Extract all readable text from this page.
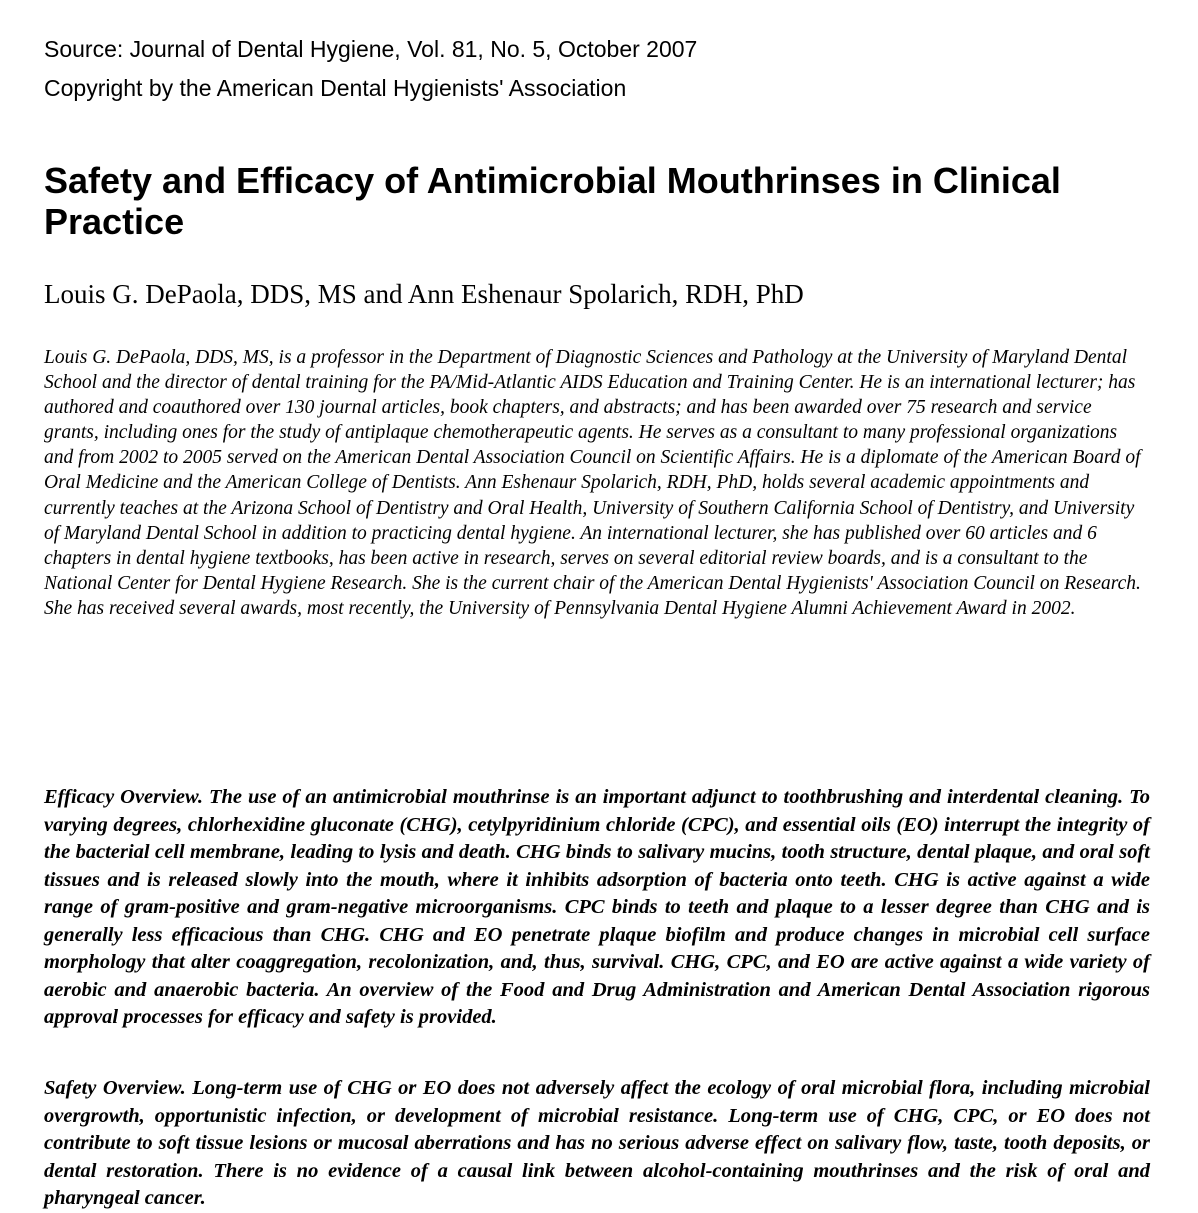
Source: Journal of Dental Hygiene, Vol. 81, No. 5, October 2007

Copyright by the American Dental Hygienists' Association

Safety and Efficacy of Antimicrobial Mouthrinses in Clinical Practice

Louis G. DePaola, DDS, MS and Ann Eshenaur Spolarich, RDH, PhD

Louis G. DePaola, DDS, MS, is a professor in the Department of Diagnostic Sciences and Pathology at the University of Maryland Dental School and the director of dental training for the PA/Mid-Atlantic AIDS Education and Training Center. He is an international lecturer; has authored and coauthored over 130 journal articles, book chapters, and abstracts; and has been awarded over 75 research and service grants, including ones for the study of antiplaque chemotherapeutic agents. He serves as a consultant to many professional organizations and from 2002 to 2005 served on the American Dental Association Council on Scientific Affairs. He is a diplomate of the American Board of Oral Medicine and the American College of Dentists. Ann Eshenaur Spolarich, RDH, PhD, holds several academic appointments and currently teaches at the Arizona School of Dentistry and Oral Health, University of Southern California School of Dentistry, and University of Maryland Dental School in addition to practicing dental hygiene. An international lecturer, she has published over 60 articles and 6 chapters in dental hygiene textbooks, has been active in research, serves on several editorial review boards, and is a consultant to the National Center for Dental Hygiene Research. She is the current chair of the American Dental Hygienists' Association Council on Research. She has received several awards, most recently, the University of Pennsylvania Dental Hygiene Alumni Achievement Award in 2002.

Efficacy Overview. The use of an antimicrobial mouthrinse is an important adjunct to toothbrushing and interdental cleaning. To varying degrees, chlorhexidine gluconate (CHG), cetylpyridinium chloride (CPC), and essential oils (EO) interrupt the integrity of the bacterial cell membrane, leading to lysis and death. CHG binds to salivary mucins, tooth structure, dental plaque, and oral soft tissues and is released slowly into the mouth, where it inhibits adsorption of bacteria onto teeth. CHG is active against a wide range of gram-positive and gram-negative microorganisms. CPC binds to teeth and plaque to a lesser degree than CHG and is generally less efficacious than CHG. CHG and EO penetrate plaque biofilm and produce changes in microbial cell surface morphology that alter coaggregation, recolonization, and, thus, survival. CHG, CPC, and EO are active against a wide variety of aerobic and anaerobic bacteria. An overview of the Food and Drug Administration and American Dental Association rigorous approval processes for efficacy and safety is provided.

Safety Overview. Long-term use of CHG or EO does not adversely affect the ecology of oral microbial flora, including microbial overgrowth, opportunistic infection, or development of microbial resistance. Long-term use of CHG, CPC, or EO does not contribute to soft tissue lesions or mucosal aberrations and has no serious adverse effect on salivary flow, taste, tooth deposits, or dental restoration. There is no evidence of a causal link between alcohol-containing mouthrinses and the risk of oral and pharyngeal cancer.
